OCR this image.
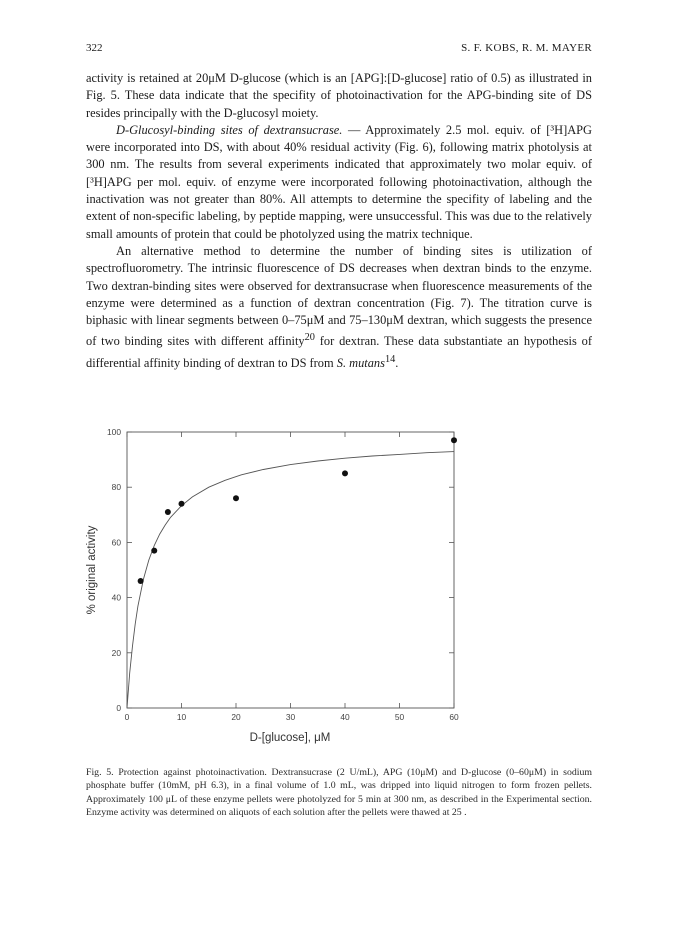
322	S. F. KOBS, R. M. MAYER

activity is retained at 20μM D-glucose (which is an [APG]:[D-glucose] ratio of 0.5) as illustrated in Fig. 5. These data indicate that the specifity of photoinactivation for the APG-binding site of DS resides principally with the D-glucosyl moiety.

D-Glucosyl-binding sites of dextransucrase. — Approximately 2.5 mol. equiv. of [³H]APG were incorporated into DS, with about 40% residual activity (Fig. 6), following matrix photolysis at 300 nm. The results from several experiments indicated that approximately two molar equiv. of [³H]APG per mol. equiv. of enzyme were incorporated following photoinactivation, although the inactivation was not greater than 80%. All attempts to determine the specifity of labeling and the extent of non-specific labeling, by peptide mapping, were unsuccessful. This was due to the relatively small amounts of protein that could be photolyzed using the matrix technique.

An alternative method to determine the number of binding sites is utilization of spectrofluorometry. The intrinsic fluorescence of DS decreases when dextran binds to the enzyme. Two dextran-binding sites were observed for dextransucrase when fluorescence measurements of the enzyme were determined as a function of dextran concentration (Fig. 7). The titration curve is biphasic with linear segments between 0–75μM and 75–130μM dextran, which suggests the presence of two binding sites with different affinity$^{20}$ for dextran. These data substantiate an hypothesis of differential affinity binding of dextran to DS from S. mutans$^{14}$.

0
20
40
60
80
100
0	10	20	30	40	50	60
% original activity
D-[glucose], μM
Fig. 5. Protection against photoinactivation. Dextransucrase (2 U/mL), APG (10μM) and D-glucose (0–60μM) in sodium phosphate buffer (10mM, pH 6.3), in a final volume of 1.0 mL, was dripped into liquid nitrogen to form frozen pellets. Approximately 100 μL of these enzyme pellets were photolyzed for 5 min at 300 nm, as described in the Experimental section. Enzyme activity was determined on aliquots of each solution after the pellets were thawed at 25 .
